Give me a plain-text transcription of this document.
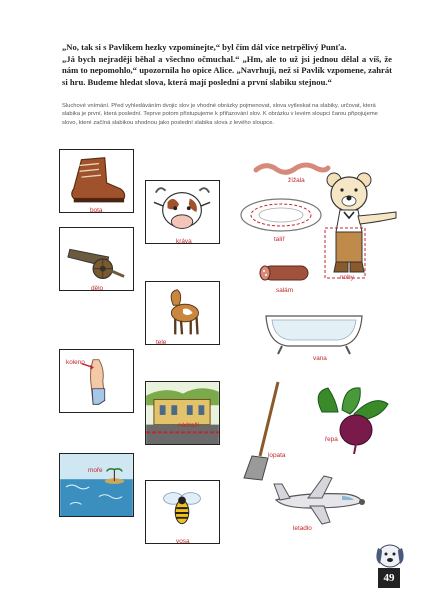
„No, tak si s Pavlíkem hezky vzpomínejte,“ byl čím dál více netrpělivý Punťa.

„Já bych nejraději běhal a všechno očmuchal.“ „Hm, ale to už jsi jednou dělal a víš, že nám to nepomohlo,“ upozornila ho opice Alice. „Navrhuji, než si Pavlík vzpomene, zahrát si hru. Budeme hledat slova, která mají poslední a první slabiku stejnou.“

Sluchové vnímání. Před vyhledáváním dvojic slov je vhodné obrázky pojmenovat, slova vytleskat na slabiky, určovat, která slabika je první, která poslední. Teprve potom přistupujeme k přiřazování slov. K obrázku v levém sloupci čarou připojujeme slovo, které začíná slabikou shodnou jako poslední slabika slova z levého sloupce.

bota
kráva
dělo
tele
koleno
nádraží
moře
vosa
žížala
talíř
nohy
salám
vana
lopata
řepa
letadlo
49
